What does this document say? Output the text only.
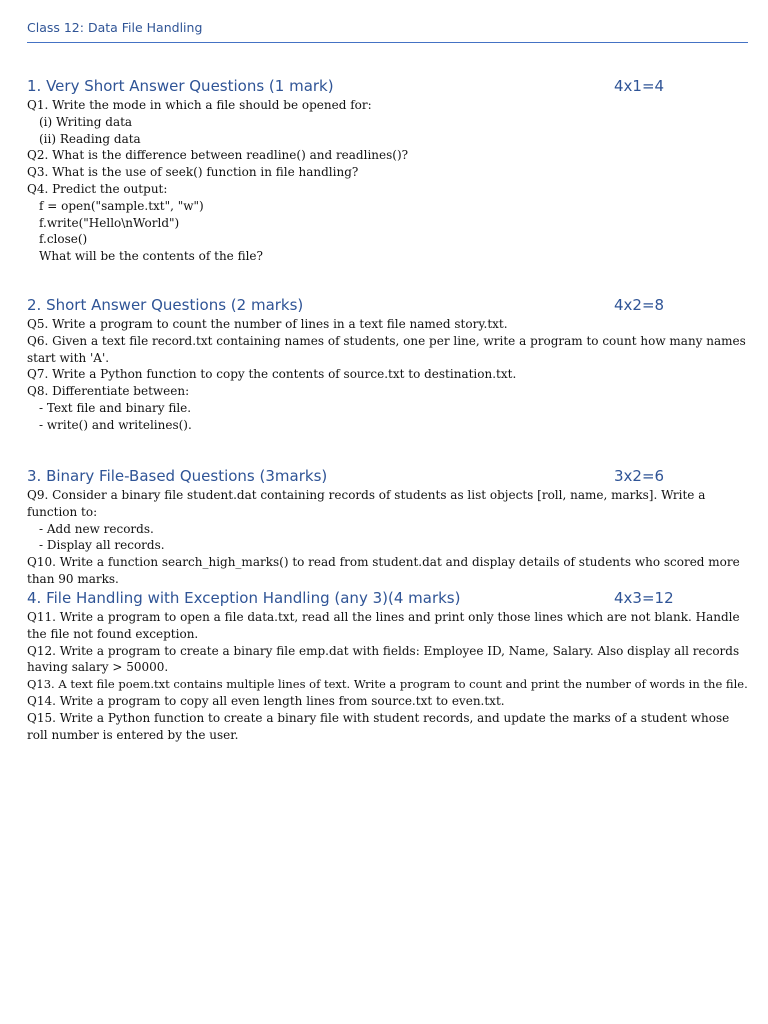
Class 12: Data File Handling
1. Very Short Answer Questions (1 mark)	4x1=4
Q1. Write the mode in which a file should be opened for:
(i) Writing data
(ii) Reading data
Q2. What is the difference between readline() and readlines()?
Q3. What is the use of seek() function in file handling?
Q4. Predict the output:
f = open("sample.txt", "w")
f.write("Hello\nWorld")
f.close()
What will be the contents of the file?
2. Short Answer Questions (2 marks)	4x2=8
Q5. Write a program to count the number of lines in a text file named story.txt.
Q6. Given a text file record.txt containing names of students, one per line, write a program to count how many names start with 'A'.
Q7. Write a Python function to copy the contents of source.txt to destination.txt.
Q8. Differentiate between:
- Text file and binary file.
- write() and writelines().
3. Binary File-Based Questions (3marks)	3x2=6
Q9. Consider a binary file student.dat containing records of students as list objects [roll, name, marks]. Write a function to:
- Add new records.
- Display all records.
Q10. Write a function search_high_marks() to read from student.dat and display details of students who scored more than 90 marks.
4. File Handling with Exception Handling (any 3)(4 marks)	4x3=12
Q11. Write a program to open a file data.txt, read all the lines and print only those lines which are not blank. Handle the file not found exception.
Q12. Write a program to create a binary file emp.dat with fields: Employee ID, Name, Salary. Also display all records having salary > 50000.
Q13. A text file poem.txt contains multiple lines of text. Write a program to count and print the number of words in the file.
Q14. Write a program to copy all even length lines from source.txt to even.txt.
Q15. Write a Python function to create a binary file with student records, and update the marks of a student whose roll number is entered by the user.
